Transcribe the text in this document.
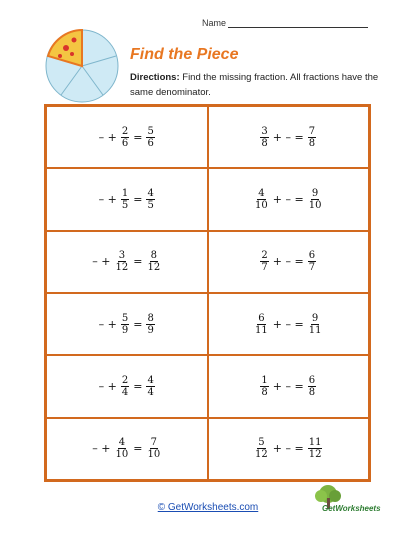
Name
Find the Piece
Directions: Find the missing fraction. All fractions have the same denominator.
– + $\frac{2}{6} = \frac{5}{6}$	$\frac{3}{8}$ + – = $\frac{7}{8}$
– + $\frac{1}{5} = \frac{4}{5}$	$\frac{4}{10}$ + – = $\frac{9}{10}$
– + $\frac{3}{12} = \frac{8}{12}$	$\frac{2}{7}$ + – = $\frac{6}{7}$
– + $\frac{5}{9} = \frac{8}{9}$	$\frac{6}{11}$ + – = $\frac{9}{11}$
– + $\frac{2}{4} = \frac{4}{4}$	$\frac{1}{8}$ + – = $\frac{6}{8}$
– + $\frac{4}{10} = \frac{7}{10}$	$\frac{5}{12}$ + – = $\frac{11}{12}$
© GetWorksheets.com	GetWorksheets
